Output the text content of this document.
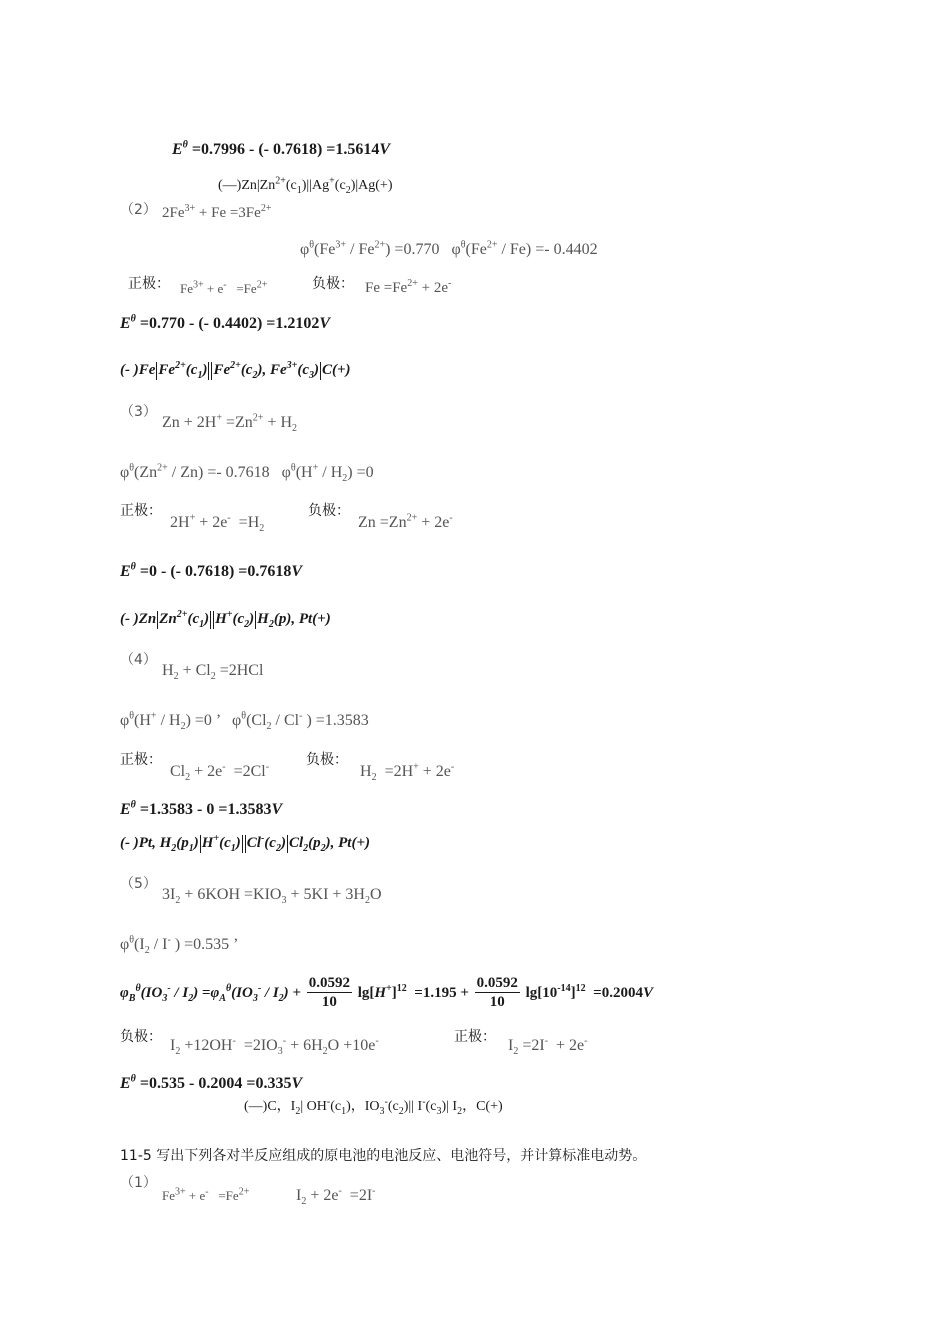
$E^\theta =0.7996$ - (- 0.7618) =1.5614V
$(—)Zn|Zn^{2+}(c_1)||Ag^+(c_2)|Ag(+)$
（2） $2Fe^{3+} + Fe =3Fe^{2+}$
$\varphi^\theta(Fe^{3+} / Fe^{2+}) =0.770$   $\varphi^\theta(Fe^{2+} / Fe) =- 0.4402$
正极： $Fe^{3+} + e^- =Fe^{2+}$	负极： $Fe =Fe^{2+} + 2e^-$
$E^\theta =0.770$ - (- 0.4402) =1.2102V
(- )Fe $Fe^{2+}(c_1)$ $Fe^{2+}(c_2)$, $Fe^{3+}(c_3)$ C(+)
（3）
$Zn + 2H^+ =Zn^{2+} + H_2$
$\varphi^\theta(Zn^{2+} / Zn) =- 0.7618$   $\varphi^\theta(H^+ / H_2) =0$
正极：
$2H^+ + 2e^- =H_2$
负极：
$Zn =Zn^{2+} + 2e^-$
$E^\theta =0$ - (- 0.7618) =0.7618V
(- )Zn $Zn^{2+}(c_1)$ $H^+(c_2)$ $H_2(p)$, Pt(+)
（4）
$H_2 + Cl_2 =2HCl$
$\varphi^\theta(H^+ / H_2) =0$ ’   $\varphi^\theta(Cl_2 / Cl^-$ ) =1.3583
正极：
$Cl_2 + 2e^- =2Cl^-$	负极：
$H_2 =2H^+ + 2e^-$
$E^\theta =1.3583 - 0 =1.3583V$
(- )Pt, $H_2(p_1)$ $H^+(c_1)$ $Cl^-(c_2)$ $Cl_2(p_2)$, Pt(+)
（5）
$3I_2 + 6KOH =KIO_3 + 5KI + 3H_2O$
$\varphi^\theta(I_2 / I^-$ ) =0.535 ’
$\varphi_B^\theta(IO_3^- / I_2) =\varphi_A^\theta(IO_3^- / I_2) + \frac{0.0592}{10} \lg[H^+]^{12} =1.195 + \frac{0.0592}{10} \lg[10^{-14}]^{12} =0.2004V$
负极： $I_2 +12OH^- =2IO_3^- + 6H_2O +10e^-$	正极： $I_2 =2I^- + 2e^-$
$E^\theta =0.535 - 0.2004 =0.335V$
(—)C，$I_2|$ $OH^-(c_1)$，$IO_3^-(c_2)||$ $I^-(c_3)|$ $I_2$，C(+)
11-5 写出下列各对半反应组成的原电池的电池反应、电池符号，并计算标准电动势。
（1）
$Fe^{3+} + e^- =Fe^{2+}$	$I_2 + 2e^- =2I^-$
